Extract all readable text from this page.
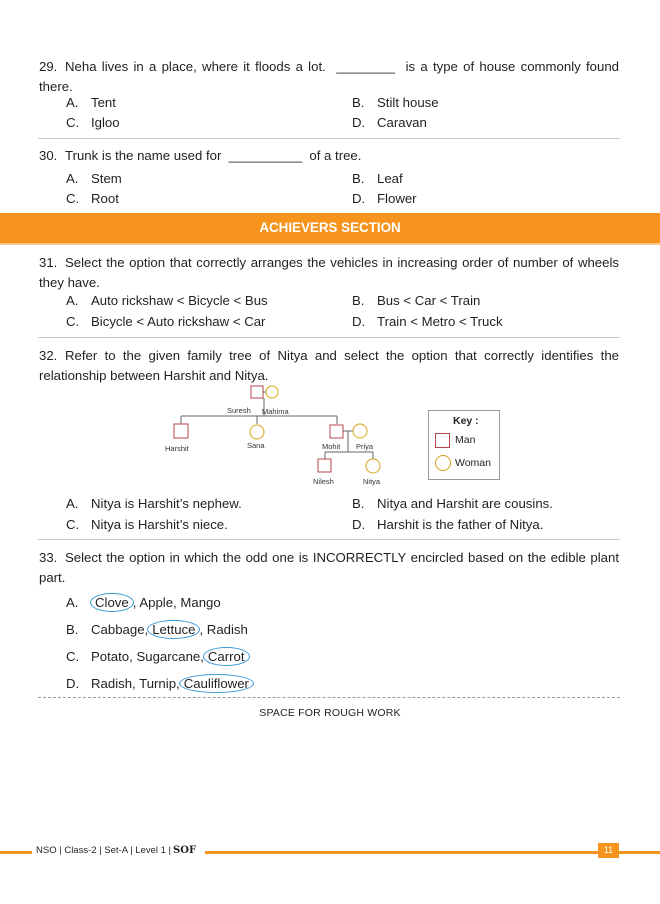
29. Neha lives in a place, where it floods a lot. ________ is a type of house commonly found there.
A. Tent	B. Stilt house
C. Igloo	D. Caravan
30. Trunk is the name used for __________ of a tree.
A. Stem	B. Leaf
C. Root	D. Flower
ACHIEVERS SECTION
31. Select the option that correctly arranges the vehicles in increasing order of number of wheels they have.
A. Auto rickshaw < Bicycle < Bus	B. Bus < Car < Train
C. Bicycle < Auto rickshaw < Car	D. Train < Metro < Truck
32. Refer to the given family tree of Nitya and select the option that correctly identifies the relationship between Harshit and Nitya.
Suresh Mahima
Harshit	Sana	Mohit Priya
Nilesh	Nitya
Key :
Man
Woman
A. Nitya is Harshit’s nephew.	B. Nitya and Harshit are cousins.
C. Nitya is Harshit’s niece.	D. Harshit is the father of Nitya.
33. Select the option in which the odd one is INCORRECTLY encircled based on the edible plant part.
A. Clove , Apple, Mango
B. Cabbage, Lettuce , Radish
C. Potato, Sugarcane, Carrot
D. Radish, Turnip, Cauliflower
SPACE FOR ROUGH WORK
NSO | Class-2 | Set-A | Level 1 | SOF	11
